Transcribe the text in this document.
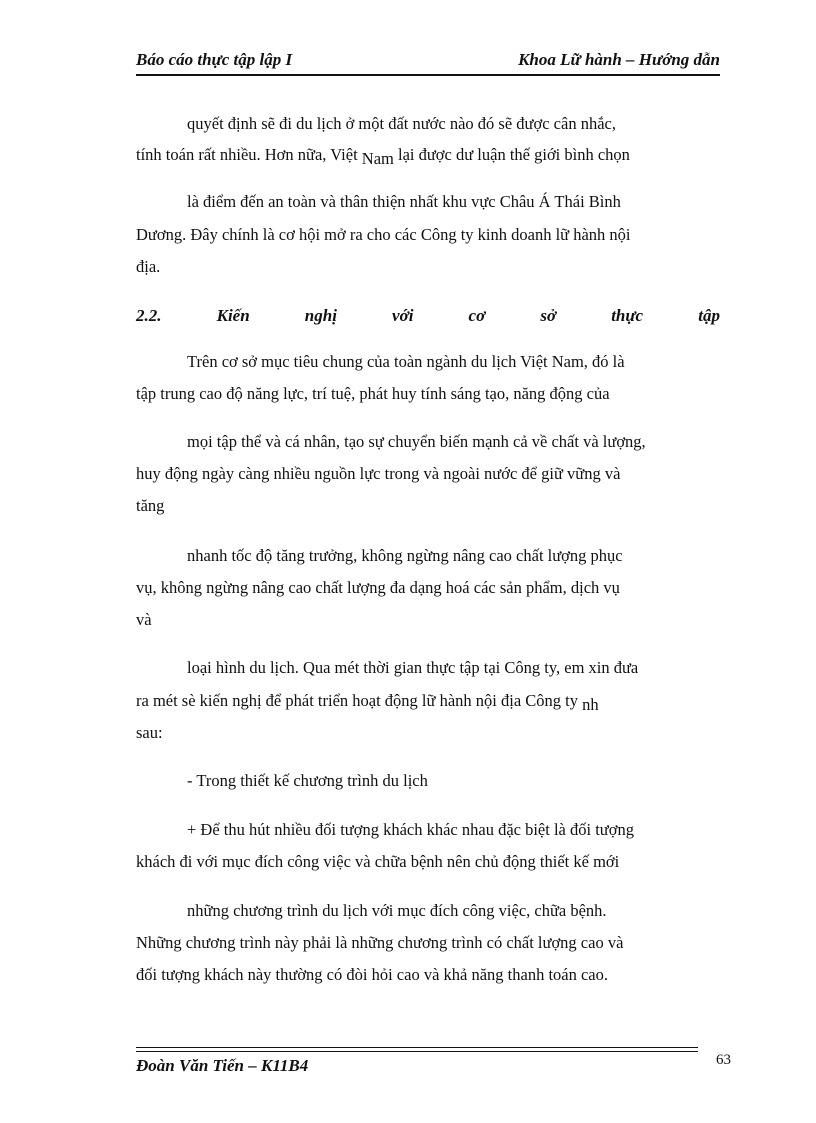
Báo cáo thực tập lập I	Khoa Lữ hành – Hướng dẫn
quyết định sẽ đi du lịch ở một đất nước nào đó sẽ được cân nhắc,
tính toán rất nhiều. Hơn nữa, Việt Nam lại được dư luận thế giới bình chọn
là điểm đến an toàn và thân thiện nhất khu vực Châu Á Thái Bình
Dương. Đây chính là cơ hội mở ra cho các Công ty kinh doanh lữ hành nội
địa.
Trên cơ sở mục tiêu chung của toàn ngành du lịch Việt Nam, đó là
tập trung cao độ năng lực, trí tuệ, phát huy tính sáng tạo, năng động của
mọi tập thể và cá nhân, tạo sự chuyển biến mạnh cả về chất và lượng,
huy động ngày càng nhiều nguồn lực trong và ngoài nước để giữ vững và
tăng
nhanh tốc độ tăng trưởng, không ngừng nâng cao chất lượng phục
vụ, không ngừng nâng cao chất lượng đa dạng hoá các sản phẩm, dịch vụ
và
loại hình du lịch. Qua mét thời gian thực tập tại Công ty, em xin đưa
ra mét sè kiến nghị để phát triển hoạt động lữ hành nội địa Công ty nh
sau:
- Trong thiết kế chương trình du lịch
+ Để thu hút nhiều đối tượng khách khác nhau đặc biệt là đối tượng
khách đi với mục đích công việc và chữa bệnh nên chủ động thiết kế mới
những chương trình du lịch với mục đích công việc, chữa bệnh.
Những chương trình này phải là những chương trình có chất lượng cao và
đối tượng khách này thường có đòi hỏi cao và khả năng thanh toán cao.
2.2.	Kiến	nghị	với	cơ	sở	thực	tập
Đoàn Văn Tiến – K11B4	63
